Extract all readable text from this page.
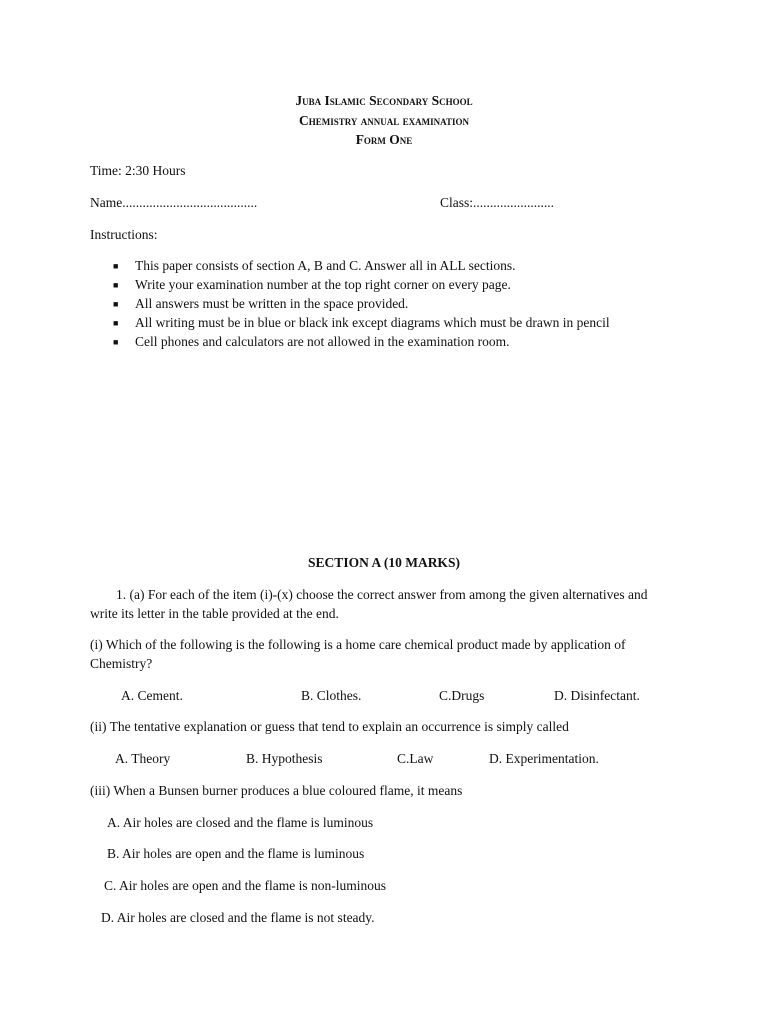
Juba Islamic Secondary School
Chemistry annual examination
Form One
Time: 2:30 Hours
Name........................................	Class:........................
Instructions:
■ This paper consists of section A, B and C. Answer all in ALL sections.
■ Write your examination number at the top right corner on every page.
■ All answers must be written in the space provided.
■ All writing must be in blue or black ink except diagrams which must be drawn in pencil
■ Cell phones and calculators are not allowed in the examination room.
SECTION A (10 MARKS)
1. (a) For each of the item (i)-(x) choose the correct answer from among the given alternatives and
write its letter in the table provided at the end.
(i) Which of the following is the following is a home care chemical product made by application of
Chemistry?
A. Cement.	B. Clothes.	C.Drugs	D. Disinfectant.
(ii) The tentative explanation or guess that tend to explain an occurrence is simply called
A. Theory	B. Hypothesis	C.Law	D. Experimentation.
(iii) When a Bunsen burner produces a blue coloured flame, it means
A. Air holes are closed and the flame is luminous
B. Air holes are open and the flame is luminous
C. Air holes are open and the flame is non-luminous
D. Air holes are closed and the flame is not steady.
